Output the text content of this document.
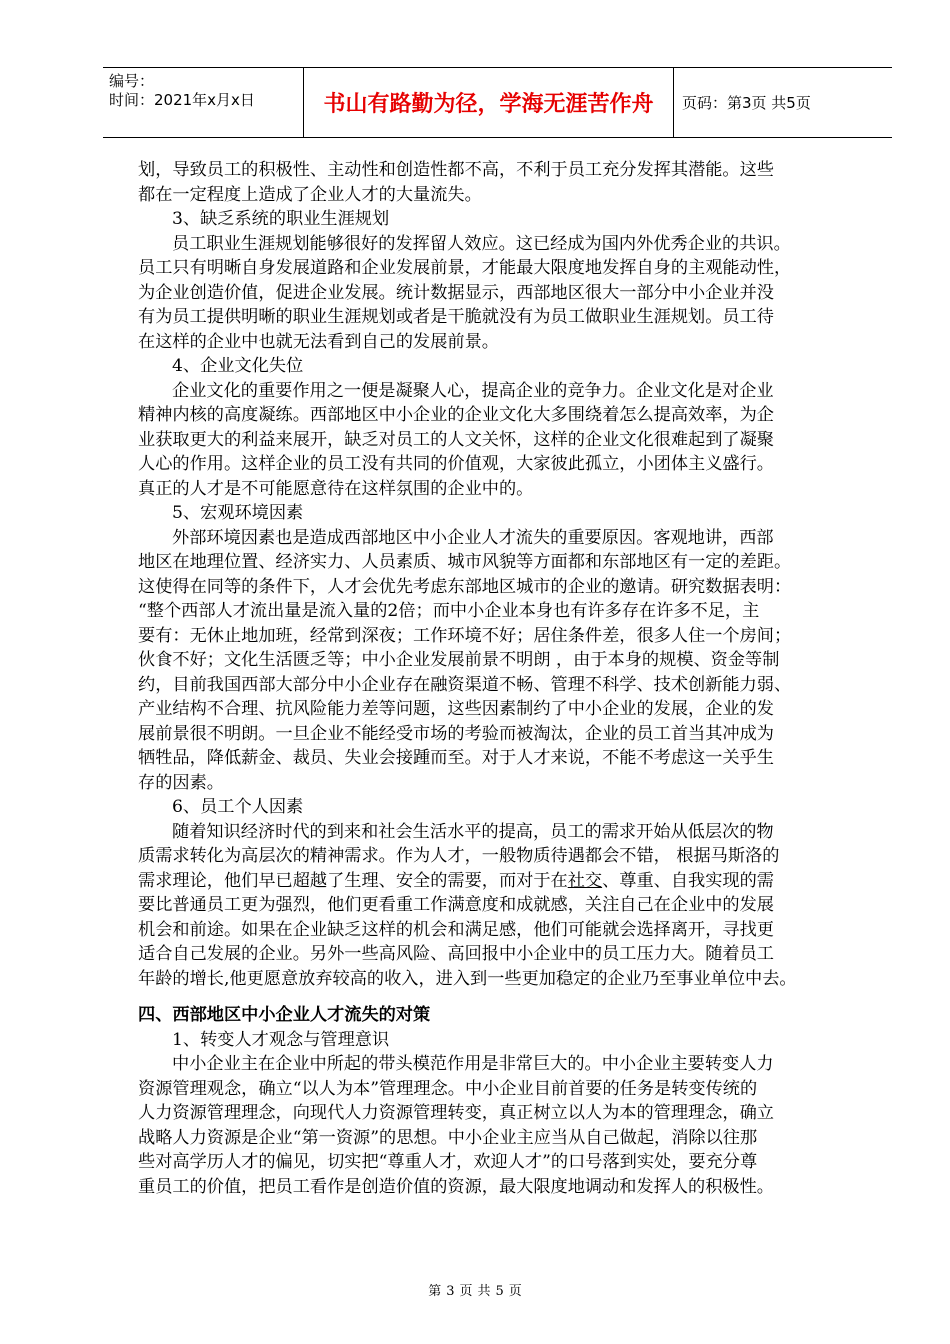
编号：
时间：2021年x月x日	书山有路勤为径，学海无涯苦作舟	页码：第3页 共5页
划，导致员工的积极性、主动性和创造性都不高，不利于员工充分发挥其潜能。这些
都在一定程度上造成了企业人才的大量流失。
3、缺乏系统的职业生涯规划
员工职业生涯规划能够很好的发挥留人效应。这已经成为国内外优秀企业的共识。
员工只有明晰自身发展道路和企业发展前景，才能最大限度地发挥自身的主观能动性，
为企业创造价值，促进企业发展。统计数据显示，西部地区很大一部分中小企业并没
有为员工提供明晰的职业生涯规划或者是干脆就没有为员工做职业生涯规划。员工待
在这样的企业中也就无法看到自己的发展前景。
4、企业文化失位
企业文化的重要作用之一便是凝聚人心，提高企业的竞争力。企业文化是对企业
精神内核的高度凝练。西部地区中小企业的企业文化大多围绕着怎么提高效率，为企
业获取更大的利益来展开，缺乏对员工的人文关怀，这样的企业文化很难起到了凝聚
人心的作用。这样企业的员工没有共同的价值观，大家彼此孤立，小团体主义盛行。
真正的人才是不可能愿意待在这样氛围的企业中的。
5、宏观环境因素
外部环境因素也是造成西部地区中小企业人才流失的重要原因。客观地讲，西部
地区在地理位置、经济实力、人员素质、城市风貌等方面都和东部地区有一定的差距。
这使得在同等的条件下，人才会优先考虑东部地区城市的企业的邀请。研究数据表明：
“整个西部人才流出量是流入量的2倍；而中小企业本身也有许多存在许多不足，主
要有：无休止地加班，经常到深夜；工作环境不好；居住条件差，很多人住一个房间；
伙食不好；文化生活匮乏等；中小企业发展前景不明朗 ，由于本身的规模、资金等制
约，目前我国西部大部分中小企业存在融资渠道不畅、管理不科学、技术创新能力弱、
产业结构不合理、抗风险能力差等问题，这些因素制约了中小企业的发展，企业的发
展前景很不明朗。一旦企业不能经受市场的考验而被淘汰，企业的员工首当其冲成为
牺牲品，降低薪金、裁员、失业会接踵而至。对于人才来说，不能不考虑这一关乎生
存的因素。
6、员工个人因素
随着知识经济时代的到来和社会生活水平的提高，员工的需求开始从低层次的物
质需求转化为高层次的精神需求。作为人才，一般物质待遇都会不错， 根据马斯洛的
需求理论，他们早已超越了生理、安全的需要，而对于在社交、尊重、自我实现的需
要比普通员工更为强烈，他们更看重工作满意度和成就感，关注自己在企业中的发展
机会和前途。如果在企业缺乏这样的机会和满足感，他们可能就会选择离开，寻找更
适合自己发展的企业。另外一些高风险、高回报中小企业中的员工压力大。随着员工
年龄的增长,他更愿意放弃较高的收入，进入到一些更加稳定的企业乃至事业单位中去。
四、西部地区中小企业人才流失的对策
1、转变人才观念与管理意识
中小企业主在企业中所起的带头模范作用是非常巨大的。中小企业主要转变人力
资源管理观念，确立“以人为本”管理理念。中小企业目前首要的任务是转变传统的
人力资源管理理念，向现代人力资源管理转变，真正树立以人为本的管理理念，确立
战略人力资源是企业“第一资源”的思想。中小企业主应当从自己做起，消除以往那
些对高学历人才的偏见，切实把“尊重人才，欢迎人才”的口号落到实处，要充分尊
重员工的价值，把员工看作是创造价值的资源，最大限度地调动和发挥人的积极性。
第 3 页 共 5 页
